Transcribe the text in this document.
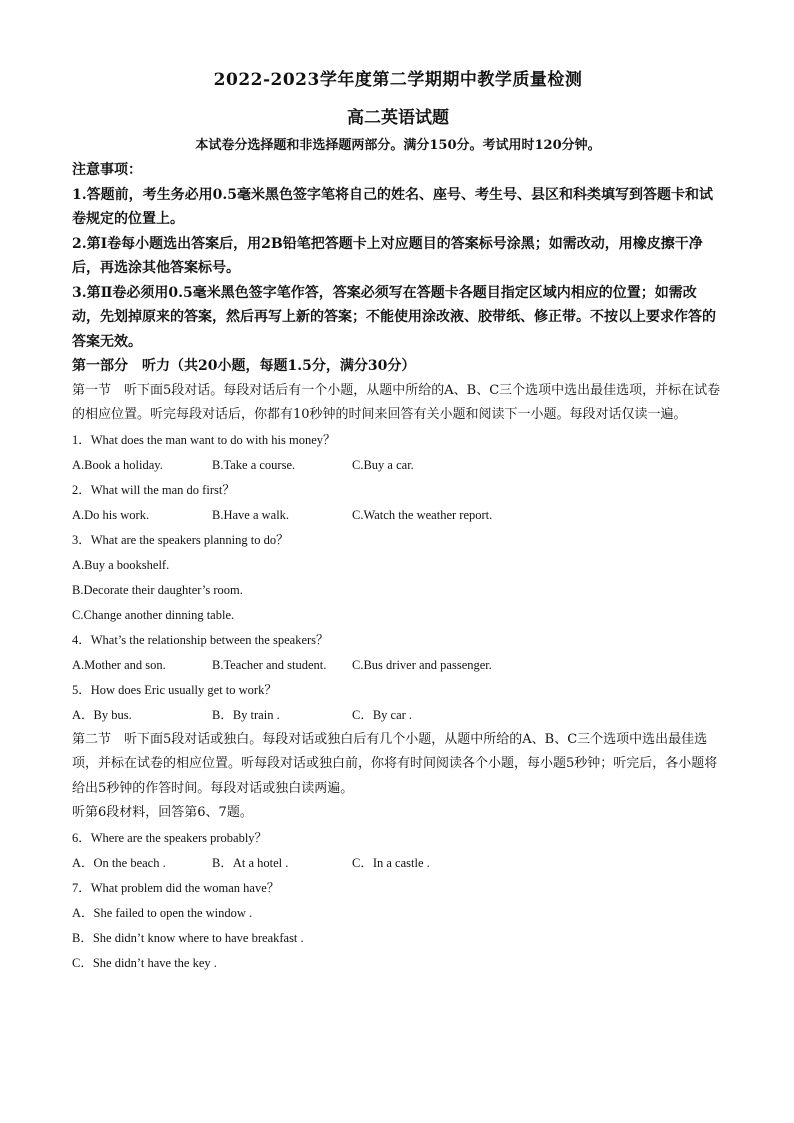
2022-2023学年度第二学期期中教学质量检测
高二英语试题
本试卷分选择题和非选择题两部分。满分150分。考试用时120分钟。
注意事项：
1.答题前，考生务必用0.5毫米黑色签字笔将自己的姓名、座号、考生号、县区和科类填写到答题卡和试卷规定的位置上。
2.第Ⅰ卷每小题选出答案后，用2B铅笔把答题卡上对应题目的答案标号涂黑；如需改动，用橡皮擦干净后，再选涂其他答案标号。
3.第Ⅱ卷必须用0.5毫米黑色签字笔作答，答案必须写在答题卡各题目指定区域内相应的位置；如需改动，先划掉原来的答案，然后再写上新的答案；不能使用涂改液、胶带纸、修正带。不按以上要求作答的答案无效。
第一部分　听力（共20小题，每题1.5分，满分30分）
第一节　听下面5段对话。每段对话后有一个小题，从题中所给的A、B、C三个选项中选出最佳选项，并标在试卷的相应位置。听完每段对话后，你都有10秒钟的时间来回答有关小题和阅读下一小题。每段对话仅读一遍。
1．What does the man want to do with his money？
A.Book a holiday.	B.Take a course.	C.Buy a car.
2．What will the man do first？
A.Do his work.	B.Have a walk.	C.Watch the weather report.
3．What are the speakers planning to do？
A.Buy a bookshelf.
B.Decorate their daughter’s room.
C.Change another dinning table.
4．What’s the relationship between the speakers？
A.Mother and son.	B.Teacher and student.	C.Bus driver and passenger.
5．How does Eric usually get to work？
A．By bus.	B．By train .	C．By car .
第二节　听下面5段对话或独白。每段对话或独白后有几个小题，从题中所给的A、B、C三个选项中选出最佳选项，并标在试卷的相应位置。听每段对话或独白前，你将有时间阅读各个小题，每小题5秒钟；听完后，各小题将给出5秒钟的作答时间。每段对话或独白读两遍。
听第6段材料，回答第6、7题。
6．Where are the speakers probably？
A．On the beach .	B．At a hotel .	C．In a castle .
7．What problem did the woman have？
A．She failed to open the window .
B．She didn’t know where to have breakfast .
C．She didn’t have the key .
